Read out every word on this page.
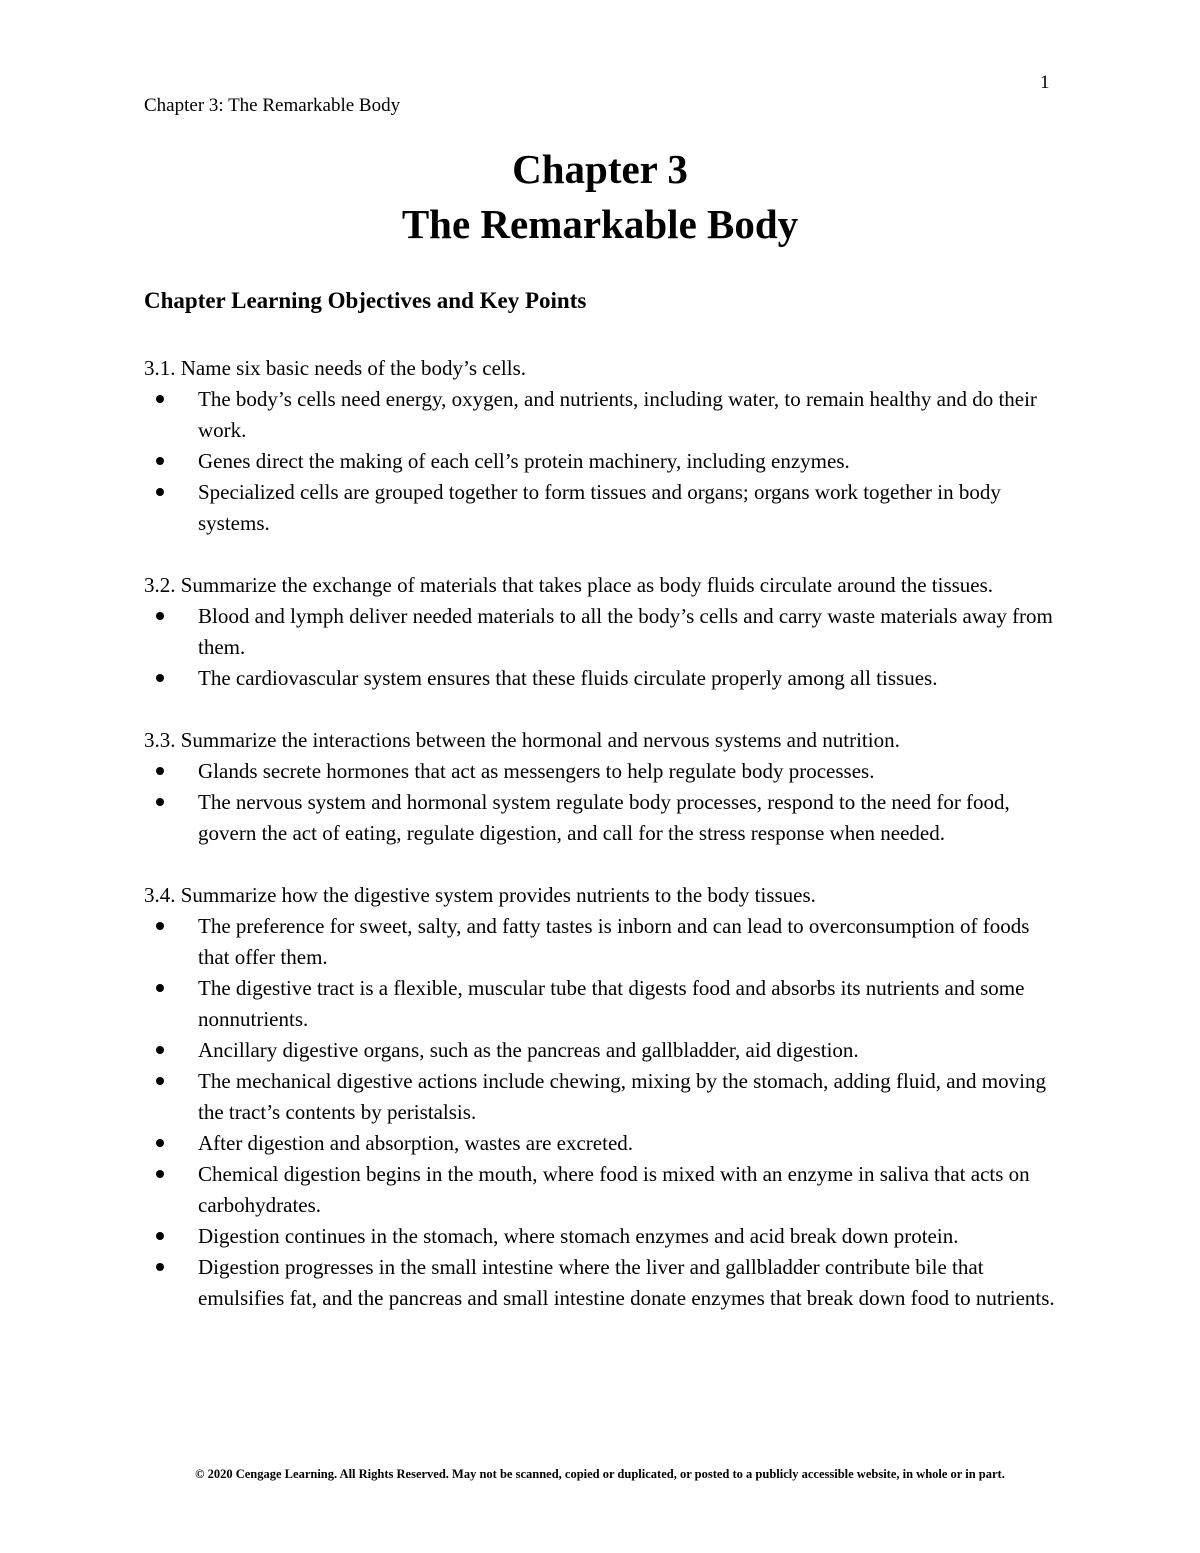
1
Chapter 3: The Remarkable Body
Chapter 3
The Remarkable Body
Chapter Learning Objectives and Key Points
3.1. Name six basic needs of the body’s cells.
The body’s cells need energy, oxygen, and nutrients, including water, to remain healthy and do their work.
Genes direct the making of each cell’s protein machinery, including enzymes.
Specialized cells are grouped together to form tissues and organs; organs work together in body systems.
3.2. Summarize the exchange of materials that takes place as body fluids circulate around the tissues.
Blood and lymph deliver needed materials to all the body’s cells and carry waste materials away from them.
The cardiovascular system ensures that these fluids circulate properly among all tissues.
3.3. Summarize the interactions between the hormonal and nervous systems and nutrition.
Glands secrete hormones that act as messengers to help regulate body processes.
The nervous system and hormonal system regulate body processes, respond to the need for food, govern the act of eating, regulate digestion, and call for the stress response when needed.
3.4. Summarize how the digestive system provides nutrients to the body tissues.
The preference for sweet, salty, and fatty tastes is inborn and can lead to overconsumption of foods that offer them.
The digestive tract is a flexible, muscular tube that digests food and absorbs its nutrients and some nonnutrients.
Ancillary digestive organs, such as the pancreas and gallbladder, aid digestion.
The mechanical digestive actions include chewing, mixing by the stomach, adding fluid, and moving the tract’s contents by peristalsis.
After digestion and absorption, wastes are excreted.
Chemical digestion begins in the mouth, where food is mixed with an enzyme in saliva that acts on carbohydrates.
Digestion continues in the stomach, where stomach enzymes and acid break down protein.
Digestion progresses in the small intestine where the liver and gallbladder contribute bile that emulsifies fat, and the pancreas and small intestine donate enzymes that break down food to nutrients.
© 2020 Cengage Learning. All Rights Reserved. May not be scanned, copied or duplicated, or posted to a publicly accessible website, in whole or in part.
